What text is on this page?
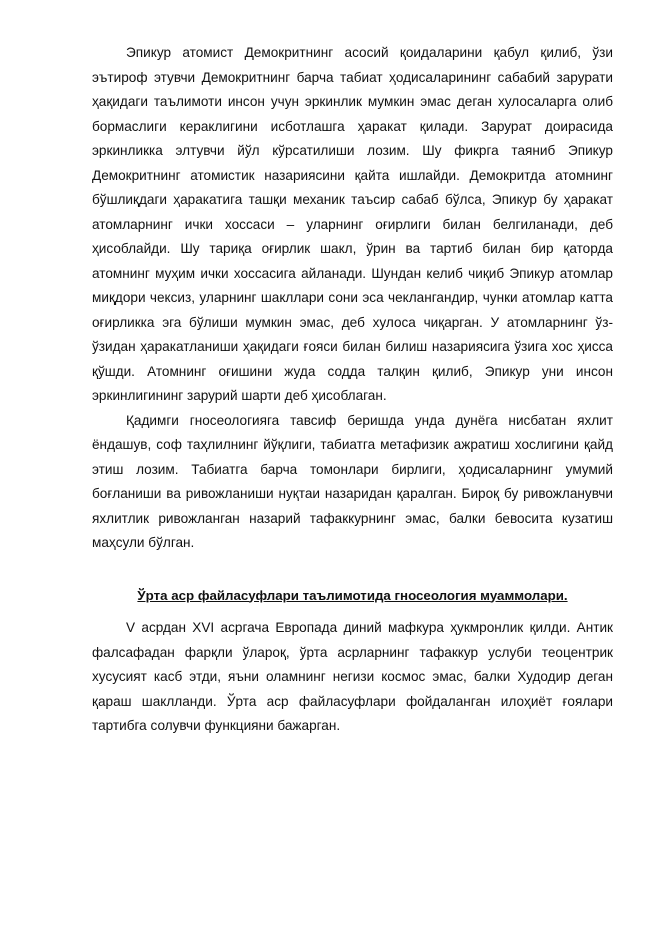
Эпикур атомист Демокритнинг асосий қоидаларини қабул қилиб, ўзи эътироф этувчи Демокритнинг барча табиат ҳодисаларининг сабабий зарурати ҳақидаги таълимоти инсон учун эркинлик мумкин эмас деган хулосаларга олиб бормаслиги кераклигини исботлашга ҳаракат қилади. Зарурат доирасида эркинликка элтувчи йўл кўрсатилиши лозим. Шу фикрга таяниб Эпикур Демокритнинг атомистик назариясини қайта ишлайди. Демокритда атомнинг бўшлиқдаги ҳаракатига ташқи механик таъсир сабаб бўлса, Эпикур бу ҳаракат атомларнинг ички хоссаси – уларнинг оғирлиги билан белгиланади, деб ҳисоблайди. Шу тариқа оғирлик шакл, ўрин ва тартиб билан бир қаторда атомнинг муҳим ички хоссасига айланади. Шундан келиб чиқиб Эпикур атомлар миқдори чексиз, уларнинг шакллари сони эса чеклангандир, чунки атомлар катта оғирликка эга бўлиши мумкин эмас, деб хулоса чиқарган. У атомларнинг ўз-ўзидан ҳаракатланиши ҳақидаги ғояси билан билиш назариясига ўзига хос ҳисса қўшди. Атомнинг оғишини жуда содда талқин қилиб, Эпикур уни инсон эркинлигининг зарурий шарти деб ҳисоблаган.

Қадимги гносеологияга тавсиф беришда унда дунёга нисбатан яхлит ёндашув, соф таҳлилнинг йўқлиги, табиатга метафизик ажратиш хослигини қайд этиш лозим. Табиатга барча томонлари бирлиги, ҳодисаларнинг умумий боғланиши ва ривожланиши нуқтаи назаридан қаралган. Бироқ бу ривожланувчи яхлитлик ривожланган назарий тафаккурнинг эмас, балки бевосита кузатиш маҳсули бўлган.

Ўрта аср файласуфлари таълимотида гносеология муаммолари.

V асрдан XVI асргача Европада диний мафкура ҳукмронлик қилди. Антик фалсафадан фарқли ўлароқ, ўрта асрларнинг тафаккур услуби теоцентрик хусусият касб этди, яъни оламнинг негизи космос эмас, балки Худодир деган қараш шаклланди. Ўрта аср файласуфлари фойдаланган илоҳиёт ғоялари тартибга солувчи функцияни бажарган.
